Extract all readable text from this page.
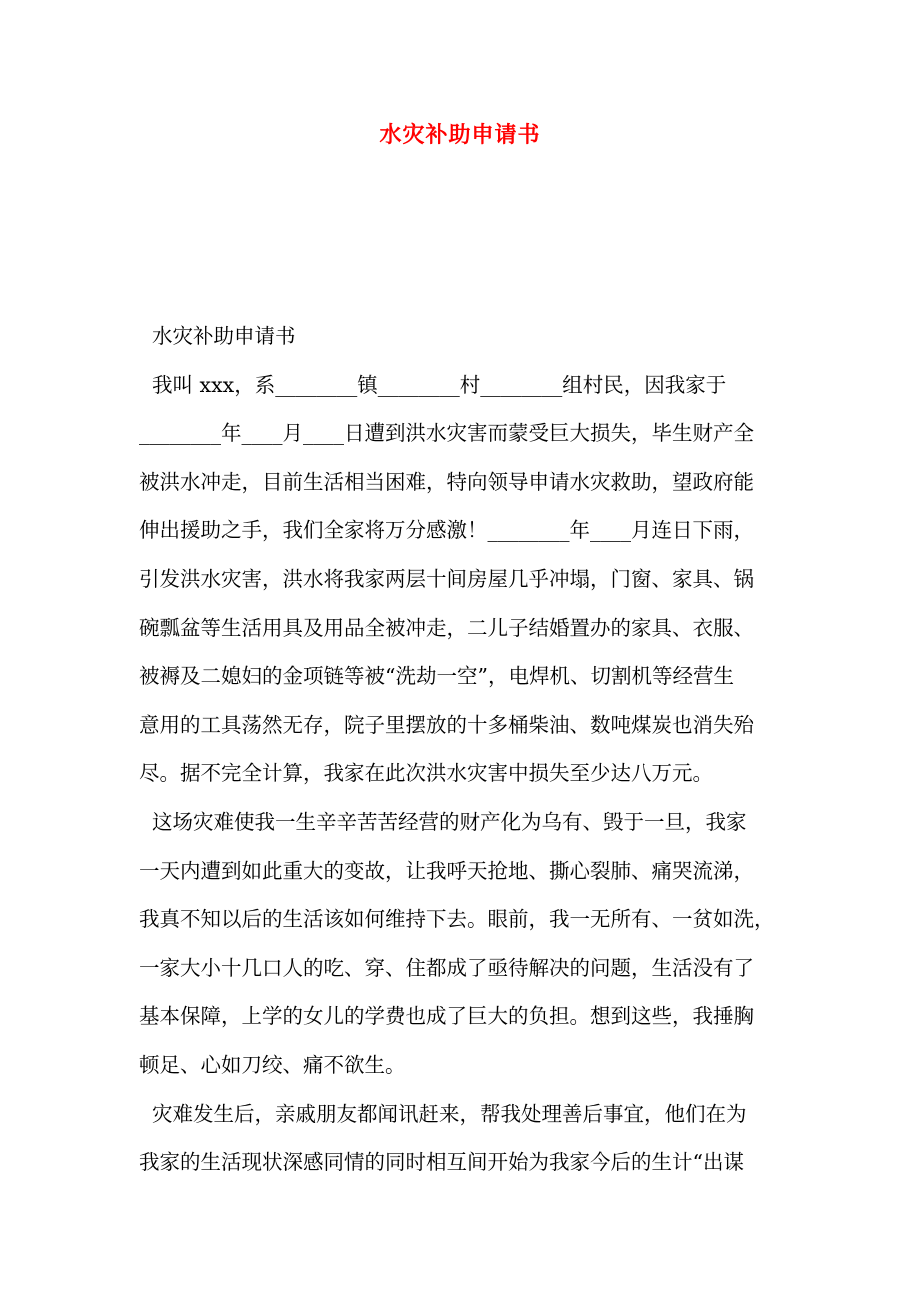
水灾补助申请书
水灾补助申请书
我叫 xxx，系________镇________村________组村民，因我家于
________年____月____日遭到洪水灾害而蒙受巨大损失，毕生财产全
被洪水冲走，目前生活相当困难，特向领导申请水灾救助，望政府能
伸出援助之手，我们全家将万分感激！________年____月连日下雨，
引发洪水灾害，洪水将我家两层十间房屋几乎冲塌，门窗、家具、锅
碗瓢盆等生活用具及用品全被冲走，二儿子结婚置办的家具、衣服、
被褥及二媳妇的金项链等被“洗劫一空”，电焊机、切割机等经营生
意用的工具荡然无存，院子里摆放的十多桶柴油、数吨煤炭也消失殆
尽。据不完全计算，我家在此次洪水灾害中损失至少达八万元。
这场灾难使我一生辛辛苦苦经营的财产化为乌有、毁于一旦，我家
一天内遭到如此重大的变故，让我呼天抢地、撕心裂肺、痛哭流涕，
我真不知以后的生活该如何维持下去。眼前，我一无所有、一贫如洗，
一家大小十几口人的吃、穿、住都成了亟待解决的问题，生活没有了
基本保障，上学的女儿的学费也成了巨大的负担。想到这些，我捶胸
顿足、心如刀绞、痛不欲生。
灾难发生后，亲戚朋友都闻讯赶来，帮我处理善后事宜，他们在为
我家的生活现状深感同情的同时相互间开始为我家今后的生计“出谋
